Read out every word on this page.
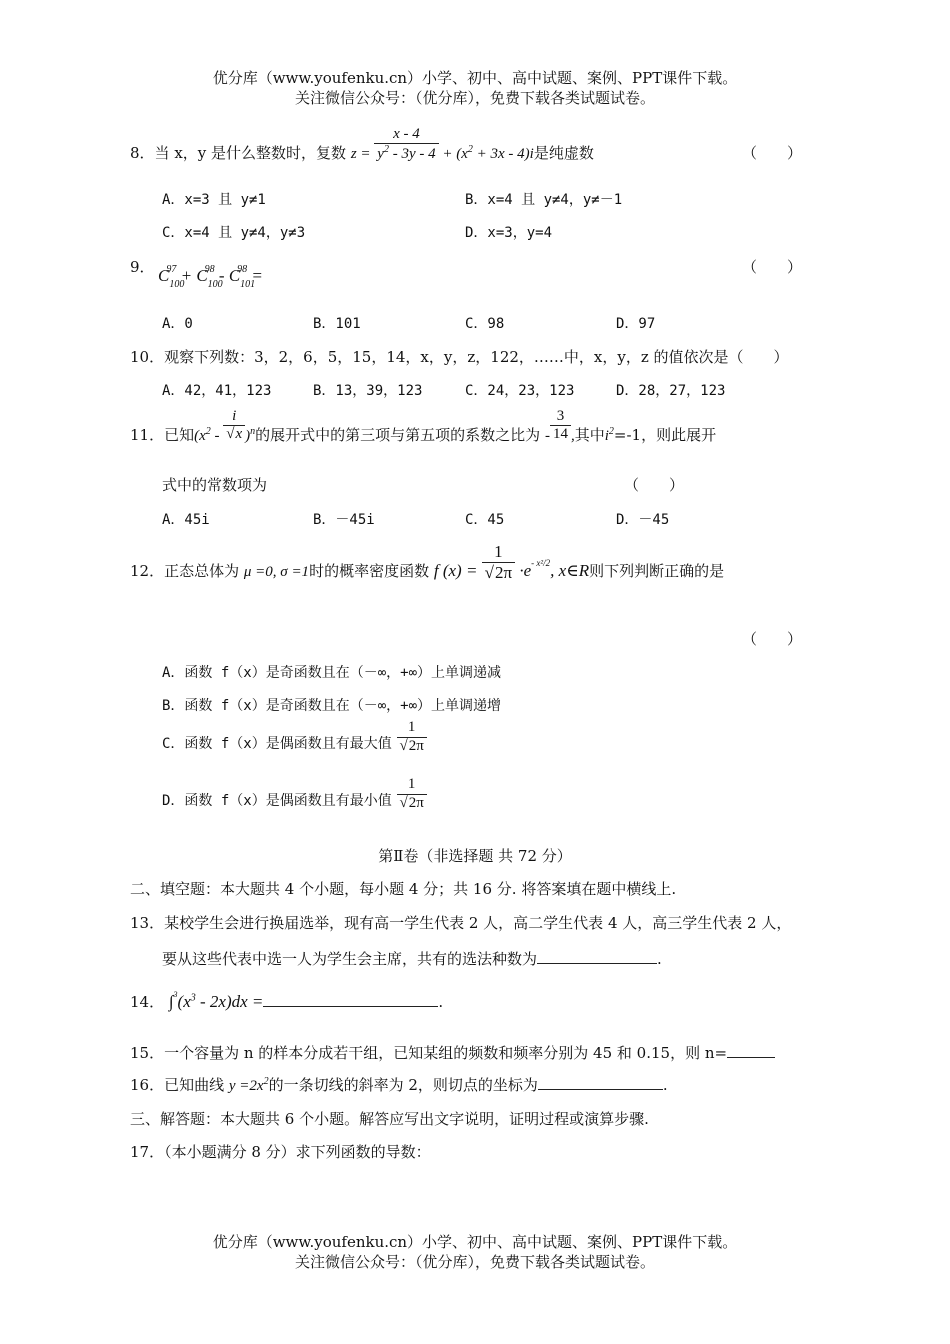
优分库（www.youfenku.cn）小学、初中、高中试题、案例、PPT课件下载。
关注微信公众号：（优分库），免费下载各类试题试卷。
8．当 x，y 是什么整数时，复数 $z = \frac{x - 4}{y^2 - 3y - 4} + (x^2 + 3x - 4)i$是纯虚数	（　　）
A．x=3 且 y≠1	B．x=4 且 y≠4，y≠－1
C．x=4 且 y≠4，y≠3	D．x=3，y=4
9． $C_{100}^{97} + C_{100}^{98} - C_{101}^{98}$ =	（　　）
A．0	B．101	C．98	D．97
10．观察下列数：3，2，6，5，15，14，x，y，z，122，……中，x，y，z 的值依次是（　　）
A．42，41，123	B．13，39，123	C．24，23，123	D．28，27，123
11．已知$(x^2 - \frac{i}{√x} )^n$的展开式中的第三项与第五项的系数之比为 - $\frac{3}{14}$ ,其中$i^2=-1$，则此展开
式中的常数项为	（　　）
A．45i	B．－45i	C．45	D．－45
12．正态总体为 μ =0, σ =1时的概率密度函数 f $(x) = \frac{1}{√2\pi} \cdot e^{- x^2/2}$, x∈R则下列判断正确的是
（　　）
A．函数 f（x）是奇函数且在（－∞，+∞）上单调递减
B．函数 f（x）是奇函数且在（－∞，+∞）上单调递增
C．函数 f（x）是偶函数且有最大值 $\frac{1}{√2\pi}$
D．函数 f（x）是偶函数且有最小值 $\frac{1}{√2\pi}$
第Ⅱ卷（非选择题 共 72 分）
二、填空题：本大题共 4 个小题，每小题 4 分；共 16 分. 将答案填在题中横线上.
13．某校学生会进行换届选举，现有高一学生代表 2 人，高二学生代表 4 人，高三学生代表 2 人，
要从这些代表中选一人为学生会主席，共有的选法种数为	.
14． $\int^3(x^3 - 2x)dx$ =	.
15．一个容量为 n 的样本分成若干组，已知某组的频数和频率分别为 45 和 0.15，则 n=
16．已知曲线 $y =2x^2$的一条切线的斜率为 2，则切点的坐标为	.
三、解答题：本大题共 6 个小题。解答应写出文字说明，证明过程或演算步骤.
17．（本小题满分 8 分）求下列函数的导数：
优分库（www.youfenku.cn）小学、初中、高中试题、案例、PPT课件下载。
关注微信公众号：（优分库），免费下载各类试题试卷。
